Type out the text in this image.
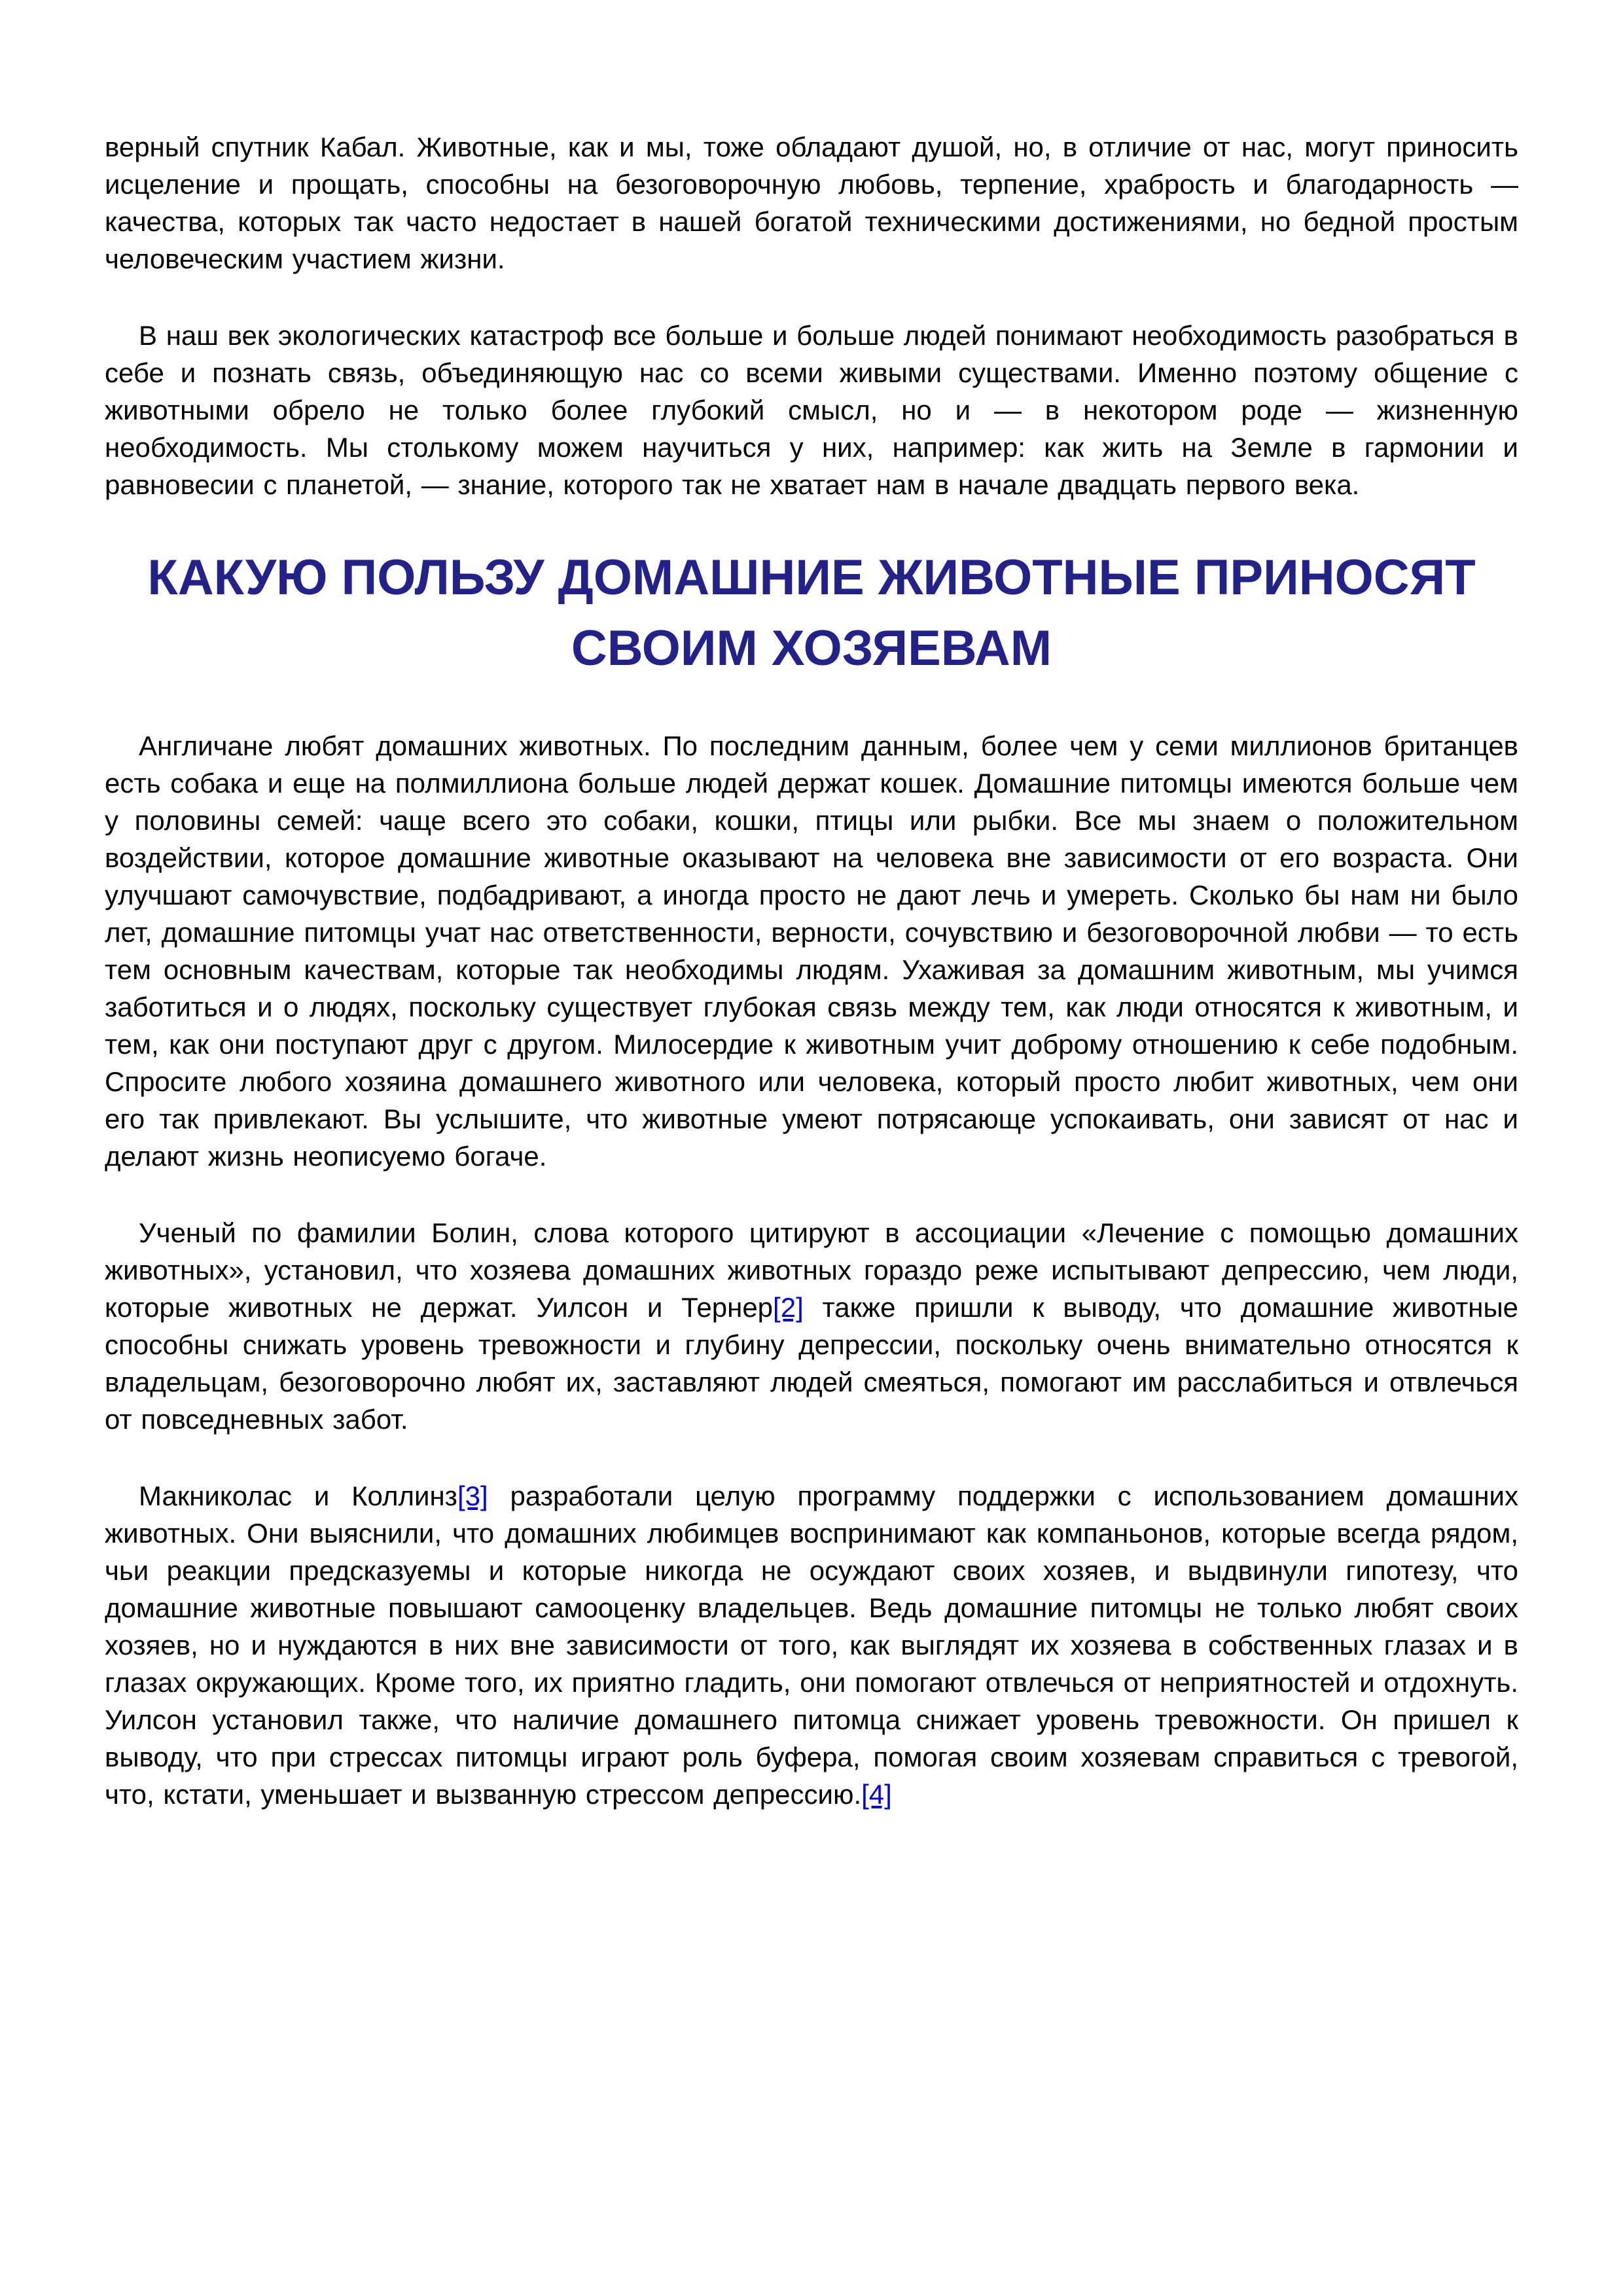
верный спутник Кабал. Животные, как и мы, тоже обладают душой, но, в отличие от нас, могут приносить исцеление и прощать, способны на безоговорочную любовь, терпение, храбрость и благодарность — качества, которых так часто недостает в нашей богатой техническими достижениями, но бедной простым человеческим участием жизни.

В наш век экологических катастроф все больше и больше людей понимают необходимость разобраться в себе и познать связь, объединяющую нас со всеми живыми существами. Именно поэтому общение с животными обрело не только более глубокий смысл, но и — в некотором роде — жизненную необходимость. Мы столькому можем научиться у них, например: как жить на Земле в гармонии и равновесии с планетой, — знание, которого так не хватает нам в начале двадцать первого века.

КАКУЮ ПОЛЬЗУ ДОМАШНИЕ ЖИВОТНЫЕ ПРИНОСЯТ СВОИМ ХОЗЯЕВАМ

Англичане любят домашних животных. По последним данным, более чем у семи миллионов британцев есть собака и еще на полмиллиона больше людей держат кошек. Домашние питомцы имеются больше чем у половины семей: чаще всего это собаки, кошки, птицы или рыбки. Все мы знаем о положительном воздействии, которое домашние животные оказывают на человека вне зависимости от его возраста. Они улучшают самочувствие, подбадривают, а иногда просто не дают лечь и умереть. Сколько бы нам ни было лет, домашние питомцы учат нас ответственности, верности, сочувствию и безоговорочной любви — то есть тем основным качествам, которые так необходимы людям. Ухаживая за домашним животным, мы учимся заботиться и о людях, поскольку существует глубокая связь между тем, как люди относятся к животным, и тем, как они поступают друг с другом. Милосердие к животным учит доброму отношению к себе подобным. Спросите любого хозяина домашнего животного или человека, который просто любит животных, чем они его так привлекают. Вы услышите, что животные умеют потрясающе успокаивать, они зависят от нас и делают жизнь неописуемо богаче.

Ученый по фамилии Болин, слова которого цитируют в ассоциации «Лечение с помощью домашних животных», установил, что хозяева домашних животных гораздо реже испытывают депрессию, чем люди, которые животных не держат. Уилсон и Тернер[2] также пришли к выводу, что домашние животные способны снижать уровень тревожности и глубину депрессии, поскольку очень внимательно относятся к владельцам, безоговорочно любят их, заставляют людей смеяться, помогают им расслабиться и отвлечься от повседневных забот.

Макниколас и Коллинз[3] разработали целую программу поддержки с использованием домашних животных. Они выяснили, что домашних любимцев воспринимают как компаньонов, которые всегда рядом, чьи реакции предсказуемы и которые никогда не осуждают своих хозяев, и выдвинули гипотезу, что домашние животные повышают самооценку владельцев. Ведь домашние питомцы не только любят своих хозяев, но и нуждаются в них вне зависимости от того, как выглядят их хозяева в собственных глазах и в глазах окружающих. Кроме того, их приятно гладить, они помогают отвлечься от неприятностей и отдохнуть. Уилсон установил также, что наличие домашнего питомца снижает уровень тревожности. Он пришел к выводу, что при стрессах питомцы играют роль буфера, помогая своим хозяевам справиться с тревогой, что, кстати, уменьшает и вызванную стрессом депрессию.[4]
